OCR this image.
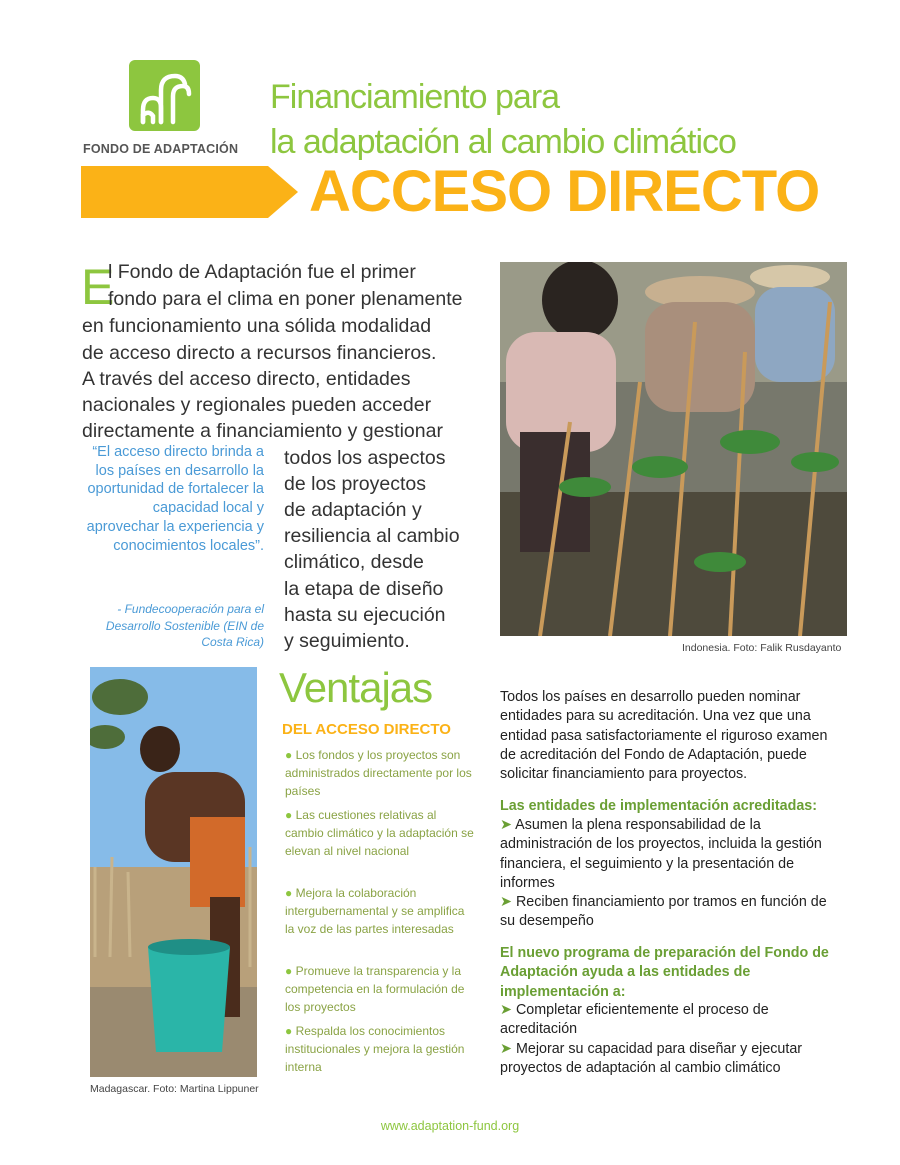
FONDO DE ADAPTACIÓN
Financiamiento para
la adaptación al cambio climático
ACCESO DIRECTO
E
l Fondo de Adaptación fue el primer
fondo para el clima en poner plenamente
en funcionamiento una sólida modalidad
de acceso directo a recursos financieros.
A través del acceso directo, entidades
nacionales y regionales pueden acceder
directamente a financiamiento y gestionar
todos los aspectos
de los proyectos
de adaptación y
resiliencia al cambio
climático, desde
la etapa de diseño
hasta su ejecución
y seguimiento.
“El acceso directo brinda a los países en desarrollo la oportunidad de fortalecer la capacidad local y aprovechar la experiencia y conocimientos locales”.
- Fundecooperación para el Desarrollo Sostenible (EIN de Costa Rica)	Indonesia. Foto: Falik Rusdayanto
Madagascar. Foto: Martina Lippuner
Ventajas
DEL ACCESO DIRECTO
● Los fondos y los proyectos son administrados directamente por los países
● Las cuestiones relativas al cambio climático y la adaptación se elevan al nivel nacional
● Mejora la colaboración intergubernamental y se amplifica la voz de las partes interesadas
● Promueve la transparencia y la competencia en la formulación de los proyectos
● Respalda los conocimientos institucionales y mejora la gestión interna
Todos los países en desarrollo pueden nominar entidades para su acreditación. Una vez que una entidad pasa satisfactoriamente el riguroso examen de acreditación del Fondo de Adaptación, puede solicitar financiamiento para proyectos.
Las entidades de implementación acreditadas:
➤ Asumen la plena responsabilidad de la administración de los proyectos, incluida la gestión financiera, el seguimiento y la presentación de informes
➤ Reciben financiamiento por tramos en función de su desempeño
El nuevo programa de preparación del Fondo de Adaptación ayuda a las entidades de implementación a:
➤ Completar eficientemente el proceso de acreditación
➤ Mejorar su capacidad para diseñar y ejecutar proyectos de adaptación al cambio climático
www.adaptation-fund.org
